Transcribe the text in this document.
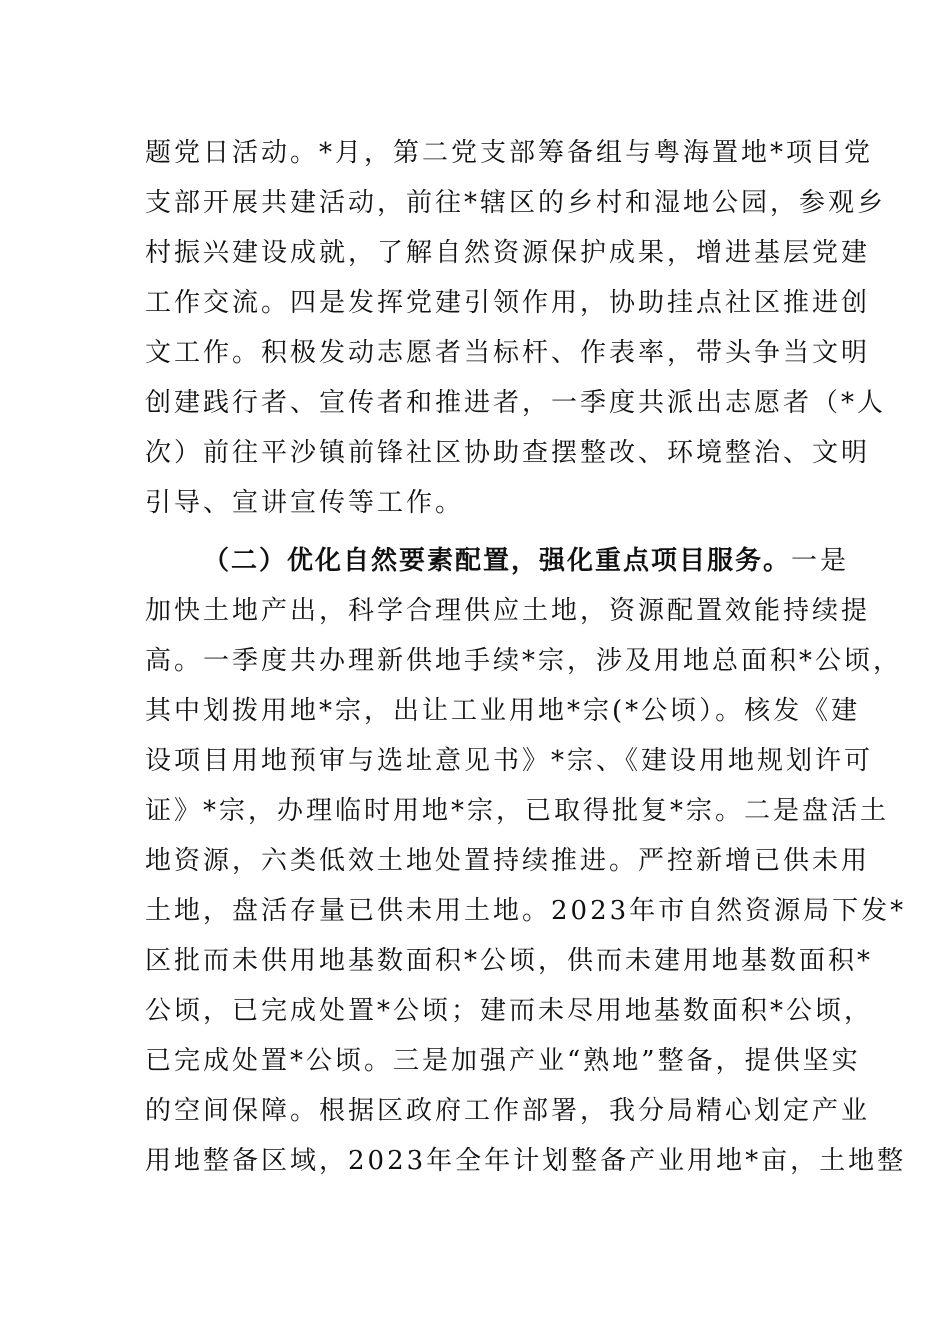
题党日活动。*月，第二党支部筹备组与粤海置地*项目党
支部开展共建活动，前往*辖区的乡村和湿地公园，参观乡
村振兴建设成就，了解自然资源保护成果，增进基层党建
工作交流。四是发挥党建引领作用，协助挂点社区推进创
文工作。积极发动志愿者当标杆、作表率，带头争当文明
创建践行者、宣传者和推进者，一季度共派出志愿者（*人
次）前往平沙镇前锋社区协助查摆整改、环境整治、文明
引导、宣讲宣传等工作。
（二）优化自然要素配置，强化重点项目服务。一是
加快土地产出，科学合理供应土地，资源配置效能持续提
高。一季度共办理新供地手续*宗，涉及用地总面积*公顷，
其中划拨用地*宗，出让工业用地*宗(*公顷）。核发《建
设项目用地预审与选址意见书》*宗、《建设用地规划许可
证》*宗，办理临时用地*宗，已取得批复*宗。二是盘活土
地资源，六类低效土地处置持续推进。严控新增已供未用
土地，盘活存量已供未用土地。2023年市自然资源局下发*
区批而未供用地基数面积*公顷，供而未建用地基数面积*
公顷，已完成处置*公顷；建而未尽用地基数面积*公顷，
已完成处置*公顷。三是加强产业“熟地”整备，提供坚实
的空间保障。根据区政府工作部署，我分局精心划定产业
用地整备区域，2023年全年计划整备产业用地*亩，土地整
